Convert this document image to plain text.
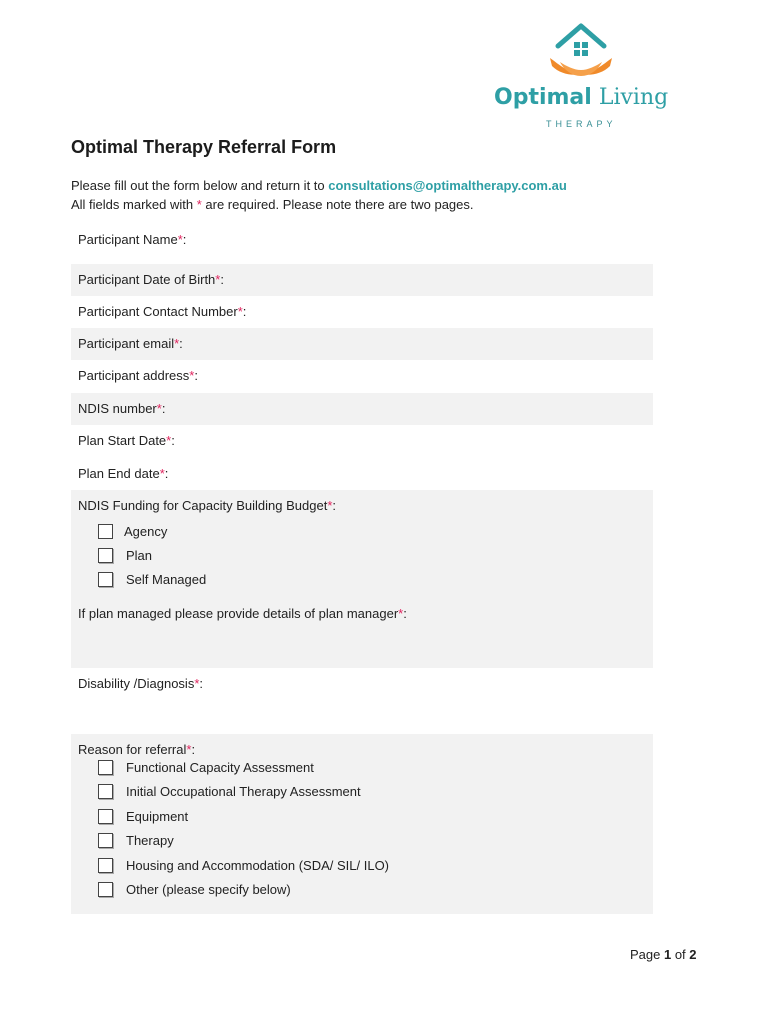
Optimal Living
THERAPY
Optimal Therapy Referral Form
Please fill out the form below and return it to consultations@optimaltherapy.com.au
All fields marked with * are required. Please note there are two pages.
Participant Name*:
Participant Date of Birth*:
Participant Contact Number*:
Participant email*:
Participant address*:
NDIS number*:
Plan Start Date*:
Plan End date*:
NDIS Funding for Capacity Building Budget*:
Agency
Plan
Self Managed
If plan managed please provide details of plan manager*:
Disability /Diagnosis*:
Reason for referral*:
Functional Capacity Assessment
Initial Occupational Therapy Assessment
Equipment
Therapy
Housing and Accommodation (SDA/ SIL/ ILO)
Other (please specify below)
Page 1 of 2
